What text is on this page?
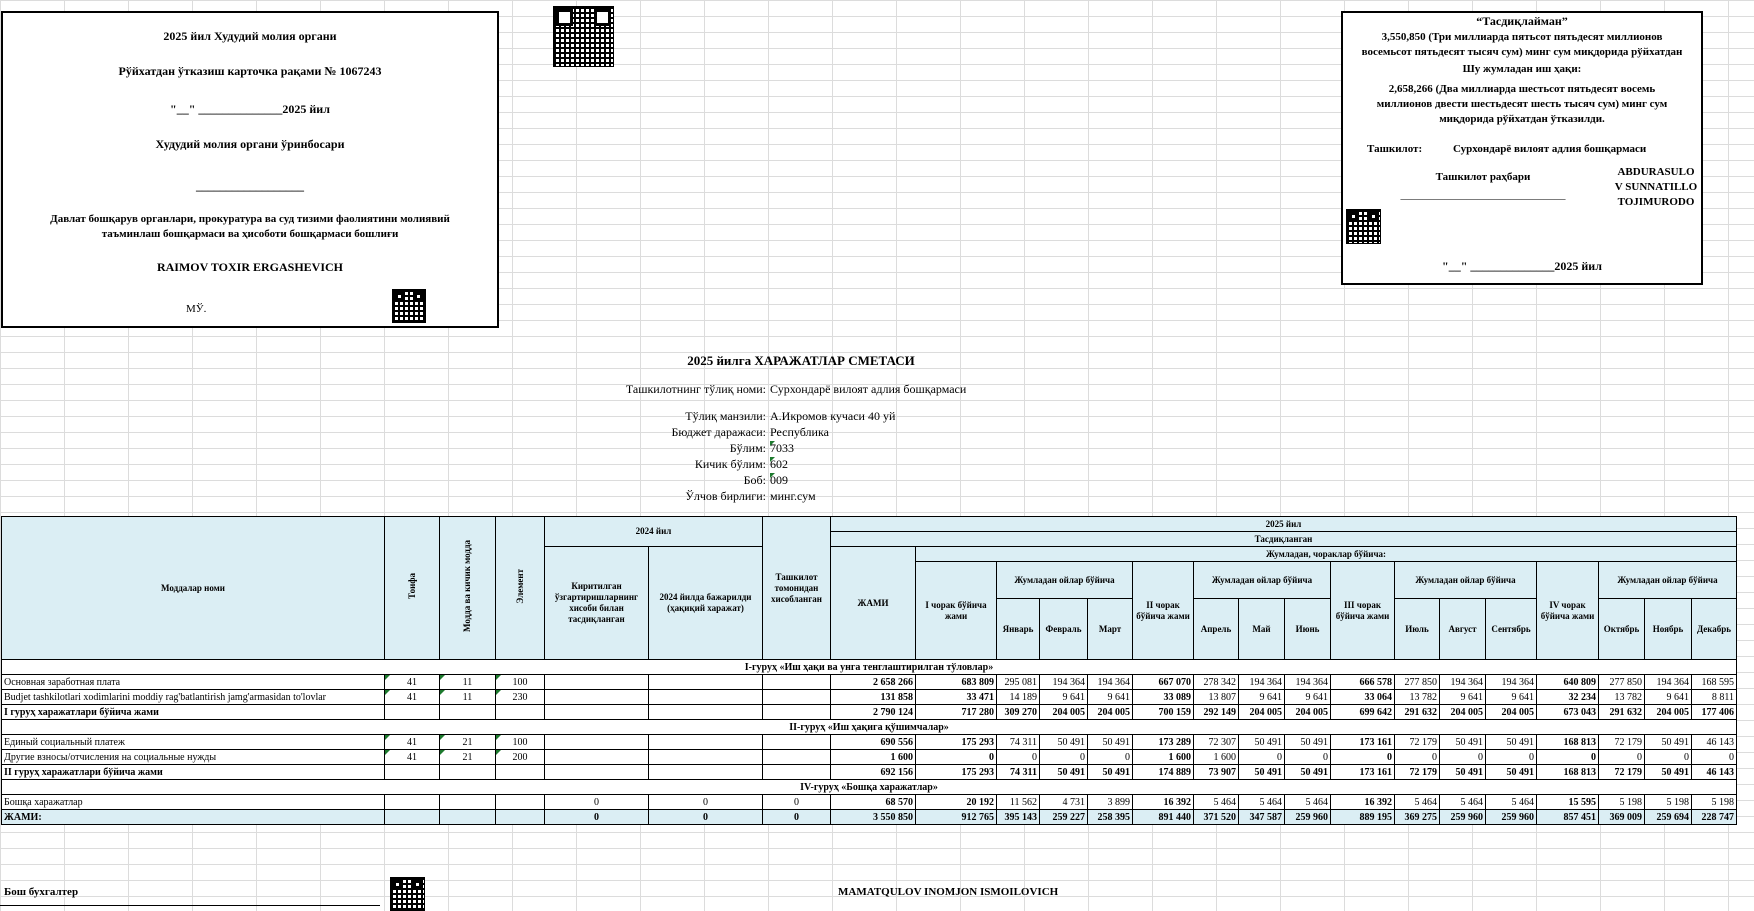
2025 йил Худудий молия органи
Рўйхатдан ўтказиш карточка рақами № 1067243
"__" ______________2025 йил
Худудий молия органи ўринбосари
__________________
Давлат бошқарув органлари, прокуратура ва суд тизими фаолиятини молиявий
таъминлаш бошқармаси ва ҳисоботи бошқармаси бошлиғи
RAIMOV TOXIR ERGASHEVICH
МЎ.
“Тасдиқлайман”
3,550,850 (Три миллиарда пятьсот пятьдесят миллионов
восемьсот пятьдесят тысяч сум) минг сум миқдорида рўйхатдан
Шу жумладан иш ҳақи:
2,658,266 (Два миллиарда шестьсот пятьдесят восемь
миллионов двести шестьдесят шесть тысяч сум) минг сум
миқдорида рўйхатдан ўтказилди.
Ташкилот:	Сурхондарё вилоят адлия бошқармаси
Ташкилот раҳбари
______________________________
ABDURASULO
V SUNNATILLO
TOJIMURODO
"__" ______________2025 йил
2025 йилга ХАРАЖАТЛАР СМЕТАСИ
Ташкилотнинг тўлиқ номи: Сурхондарё вилоят адлия бошқармаси
Тўлиқ манзили: А.Икромов кучаси 40 уй
Бюджет даражаси: Республика
Бўлим: 7033
Кичик бўлим: 602
Боб: 009
Ўлчов бирлиги: минг.сум
Моддалар номи	Тоифа	Модда ва кичик модда	Элемент	2024 йил		Ташкилот томонидан хисобланган	2025 йил																
							Тасдиқланган																
				Киритилган ўзгартиришларнинг хисоби билан тасдиқланган	2024 йилда бажарилди (ҳақиқий харажат)		ЖАМИ	Жумладан, чораклар бўйича:															
								I чорак бўйича жами	Жумладан ойлар бўйича			II чорак бўйича жами	Жумладан ойлар бўйича			III чорак бўйича жами	Жумладан ойлар бўйича			IV чорак бўйича жами	Жумладан ойлар бўйича		
									Январь	Февраль	Март		Апрель	Май	Июнь		Июль	Август	Сентябрь		Октябрь	Ноябрь	Декабрь
I-гуруҳ «Иш ҳақи ва унга тенглаштирилган тўловлар»																							
Основная заработная плата	41	11	100				2 658 266	683 809	295 081	194 364	194 364	667 070	278 342	194 364	194 364	666 578	277 850	194 364	194 364	640 809	277 850	194 364	168 595
Budjet tashkilotlari xodimlarini moddiy rag'batlantirish jamg'armasidan to'lovlar	41	11	230				131 858	33 471	14 189	9 641	9 641	33 089	13 807	9 641	9 641	33 064	13 782	9 641	9 641	32 234	13 782	9 641	8 811
I гуруҳ харажатлари бўйича жами							2 790 124	717 280	309 270	204 005	204 005	700 159	292 149	204 005	204 005	699 642	291 632	204 005	204 005	673 043	291 632	204 005	177 406
II-гуруҳ «Иш ҳақига қўшимчалар»																							
Единый социальный платеж	41	21	100				690 556	175 293	74 311	50 491	50 491	173 289	72 307	50 491	50 491	173 161	72 179	50 491	50 491	168 813	72 179	50 491	46 143
Другие взносы/отчисления на социальные нужды	41	21	200				1 600	0	0	0	0	1 600	1 600	0	0	0	0	0	0	0	0	0	0
II гуруҳ харажатлари бўйича жами							692 156	175 293	74 311	50 491	50 491	174 889	73 907	50 491	50 491	173 161	72 179	50 491	50 491	168 813	72 179	50 491	46 143
IV-гуруҳ «Бошқа харажатлар»																							
Бошқа харажатлар				0	0	0	68 570	20 192	11 562	4 731	3 899	16 392	5 464	5 464	5 464	16 392	5 464	5 464	5 464	15 595	5 198	5 198	5 198
ЖАМИ:				0	0	0	3 550 850	912 765	395 143	259 227	258 395	891 440	371 520	347 587	259 960	889 195	369 275	259 960	259 960	857 451	369 009	259 694	228 747
Бош бухгалтер	MAMATQULOV INOMJON ISMOILOVICH
